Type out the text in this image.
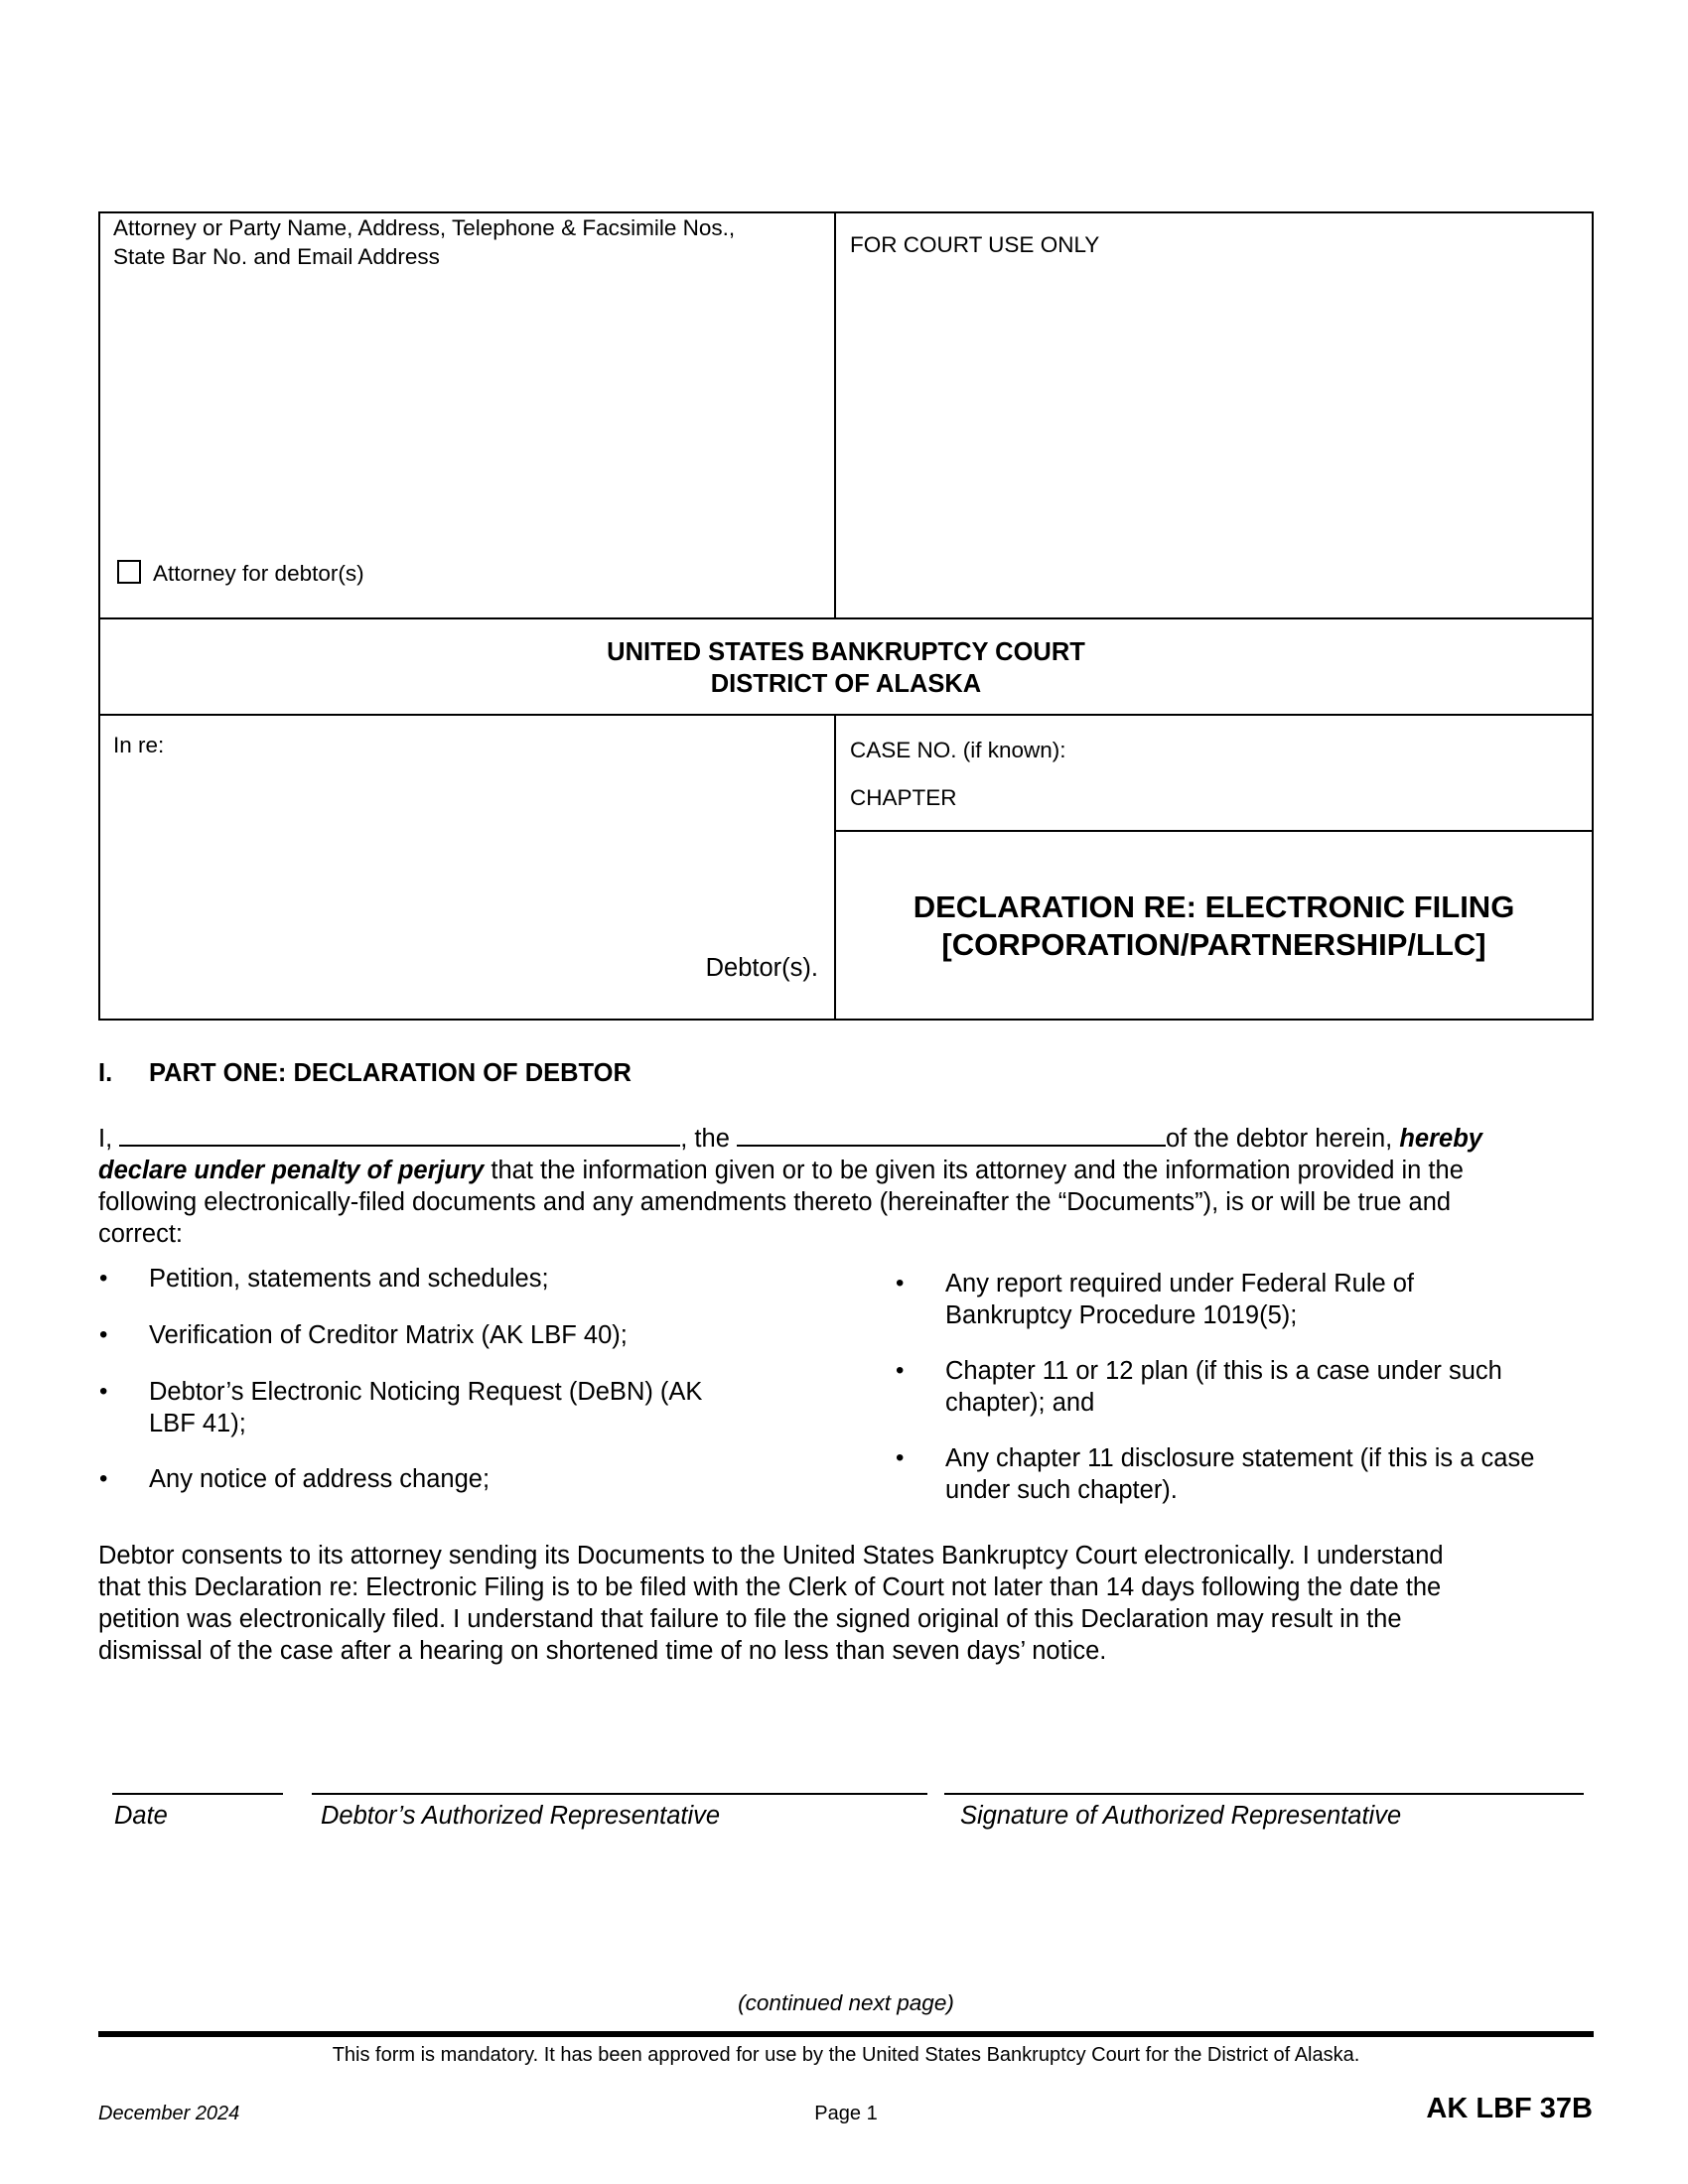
Attorney or Party Name, Address, Telephone & Facsimile Nos.,
State Bar No. and Email Address
Attorney for debtor(s)
FOR COURT USE ONLY
UNITED STATES BANKRUPTCY COURT
DISTRICT OF ALASKA
In re:
Debtor(s).
CASE NO. (if known):
CHAPTER
DECLARATION RE: ELECTRONIC FILING
[CORPORATION/PARTNERSHIP/LLC]
I. PART ONE: DECLARATION OF DEBTOR
I,	, the	of the debtor herein, hereby
declare under penalty of perjury that the information given or to be given its attorney and the information provided in the
following electronically-filed documents and any amendments thereto (hereinafter the “Documents”), is or will be true and
correct:
• Petition, statements and schedules;
• Verification of Creditor Matrix (AK LBF 40);
• Debtor’s Electronic Noticing Request (DeBN) (AK
LBF 41);
• Any notice of address change;
• Any report required under Federal Rule of
Bankruptcy Procedure 1019(5);
• Chapter 11 or 12 plan (if this is a case under such
chapter); and
• Any chapter 11 disclosure statement (if this is a case
under such chapter).
Debtor consents to its attorney sending its Documents to the United States Bankruptcy Court electronically. I understand
that this Declaration re: Electronic Filing is to be filed with the Clerk of Court not later than 14 days following the date the
petition was electronically filed. I understand that failure to file the signed original of this Declaration may result in the
dismissal of the case after a hearing on shortened time of no less than seven days’ notice.
Date	Debtor’s Authorized Representative	Signature of Authorized Representative
(continued next page)
This form is mandatory. It has been approved for use by the United States Bankruptcy Court for the District of Alaska.
December 2024	Page 1	AK LBF 37B
